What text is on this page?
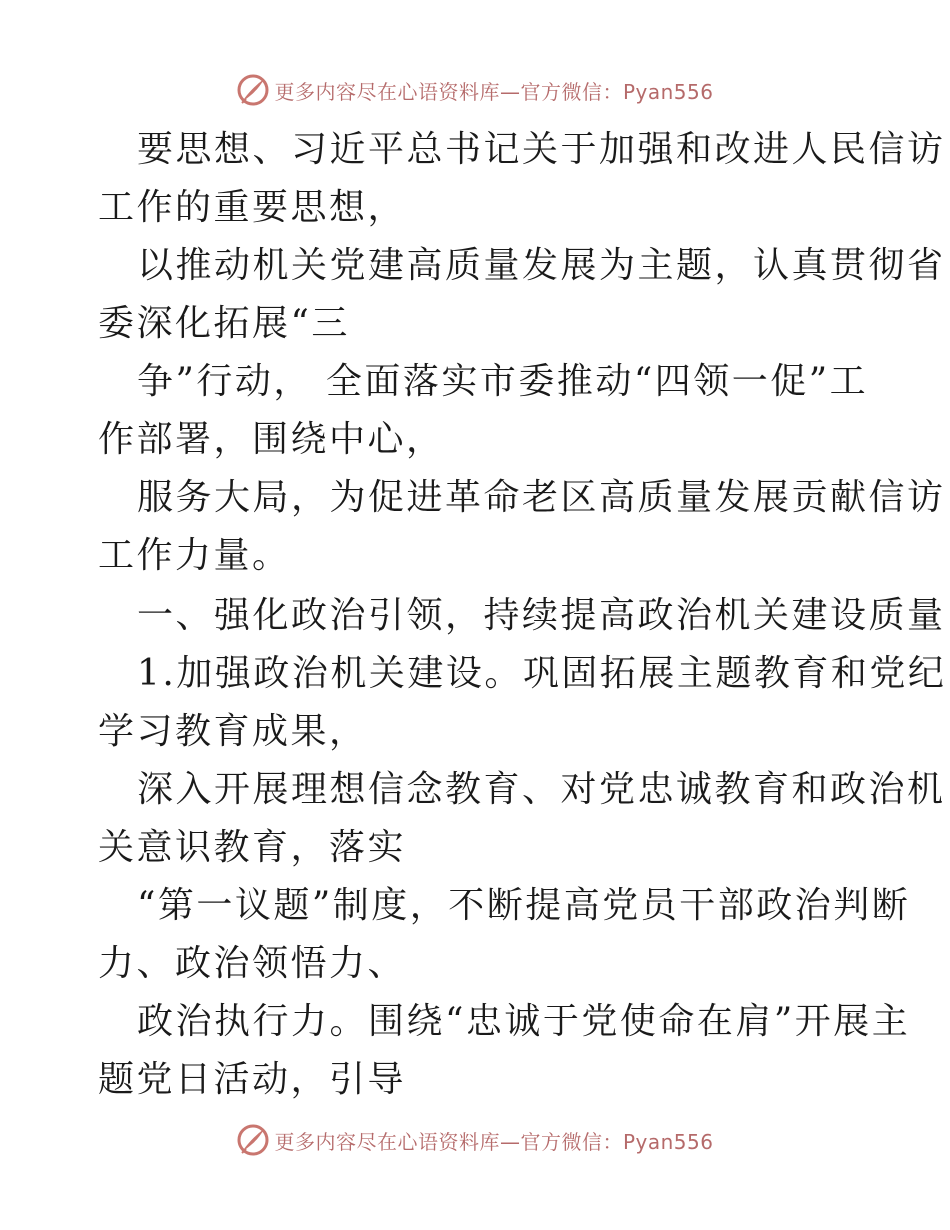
更多内容尽在心语资料库—官方微信：Pyan556
要思想、习近平总书记关于加强和改进人民信访
工作的重要思想，
以推动机关党建高质量发展为主题，认真贯彻省
委深化拓展“三
争”行动， 全面落实市委推动“四领一促”工
作部署，围绕中心，
服务大局，为促进革命老区高质量发展贡献信访
工作力量。
一、强化政治引领，持续提高政治机关建设质量
1.加强政治机关建设。巩固拓展主题教育和党纪
学习教育成果，
深入开展理想信念教育、对党忠诚教育和政治机
关意识教育，落实
“第一议题”制度，不断提高党员干部政治判断
力、政治领悟力、
政治执行力。围绕“忠诚于党使命在肩”开展主
题党日活动，引导
更多内容尽在心语资料库—官方微信：Pyan556
